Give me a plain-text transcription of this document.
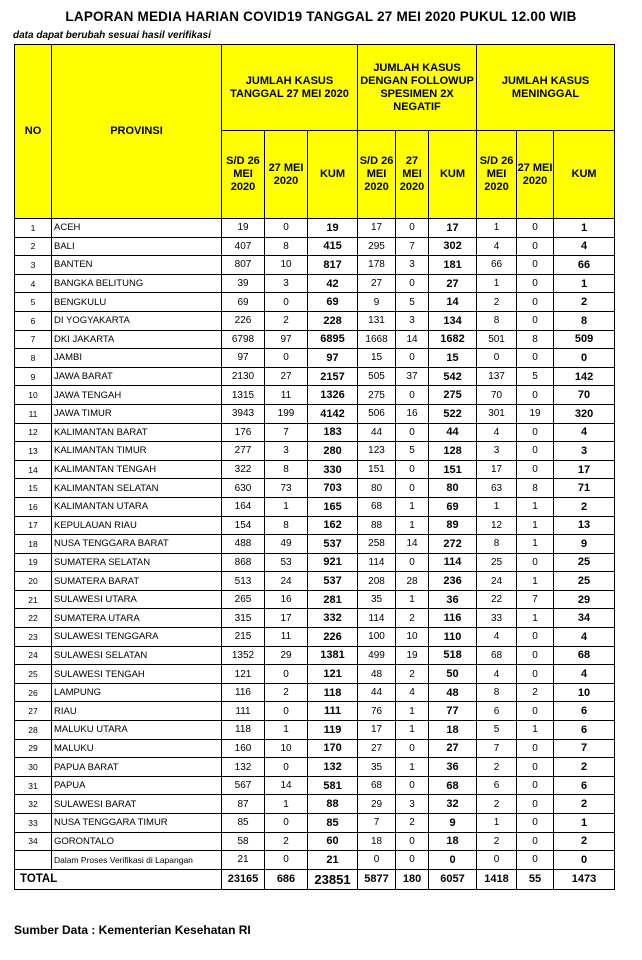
LAPORAN MEDIA HARIAN COVID19 TANGGAL 27 MEI 2020 PUKUL 12.00 WIB
data dapat berubah sesuai hasil verifikasi
NO	PROVINSI	JUMLAH KASUS TANGGAL 27 MEI 2020			JUMLAH KASUS DENGAN FOLLOWUP SPESIMEN 2X NEGATIF			JUMLAH KASUS MENINGGAL		
		S/D 26 MEI 2020	27 MEI 2020	KUM	S/D 26 MEI 2020	27 MEI 2020	KUM	S/D 26 MEI 2020	27 MEI 2020	KUM
1	ACEH	19	0	19	17	0	17	1	0	1
2	BALI	407	8	415	295	7	302	4	0	4
3	BANTEN	807	10	817	178	3	181	66	0	66
4	BANGKA BELITUNG	39	3	42	27	0	27	1	0	1
5	BENGKULU	69	0	69	9	5	14	2	0	2
6	DI YOGYAKARTA	226	2	228	131	3	134	8	0	8
7	DKI JAKARTA	6798	97	6895	1668	14	1682	501	8	509
8	JAMBI	97	0	97	15	0	15	0	0	0
9	JAWA BARAT	2130	27	2157	505	37	542	137	5	142
10	JAWA TENGAH	1315	11	1326	275	0	275	70	0	70
11	JAWA TIMUR	3943	199	4142	506	16	522	301	19	320
12	KALIMANTAN BARAT	176	7	183	44	0	44	4	0	4
13	KALIMANTAN TIMUR	277	3	280	123	5	128	3	0	3
14	KALIMANTAN TENGAH	322	8	330	151	0	151	17	0	17
15	KALIMANTAN SELATAN	630	73	703	80	0	80	63	8	71
16	KALIMANTAN UTARA	164	1	165	68	1	69	1	1	2
17	KEPULAUAN RIAU	154	8	162	88	1	89	12	1	13
18	NUSA TENGGARA BARAT	488	49	537	258	14	272	8	1	9
19	SUMATERA SELATAN	868	53	921	114	0	114	25	0	25
20	SUMATERA BARAT	513	24	537	208	28	236	24	1	25
21	SULAWESI UTARA	265	16	281	35	1	36	22	7	29
22	SUMATERA UTARA	315	17	332	114	2	116	33	1	34
23	SULAWESI TENGGARA	215	11	226	100	10	110	4	0	4
24	SULAWESI SELATAN	1352	29	1381	499	19	518	68	0	68
25	SULAWESI TENGAH	121	0	121	48	2	50	4	0	4
26	LAMPUNG	116	2	118	44	4	48	8	2	10
27	RIAU	111	0	111	76	1	77	6	0	6
28	MALUKU UTARA	118	1	119	17	1	18	5	1	6
29	MALUKU	160	10	170	27	0	27	7	0	7
30	PAPUA BARAT	132	0	132	35	1	36	2	0	2
31	PAPUA	567	14	581	68	0	68	6	0	6
32	SULAWESI BARAT	87	1	88	29	3	32	2	0	2
33	NUSA TENGGARA TIMUR	85	0	85	7	2	9	1	0	1
34	GORONTALO	58	2	60	18	0	18	2	0	2
	Dalam Proses Verifikasi di Lapangan	21	0	21	0	0	0	0	0	0
TOTAL		23165	686	23851	5877	180	6057	1418	55	1473
Sumber Data : Kementerian Kesehatan RI
